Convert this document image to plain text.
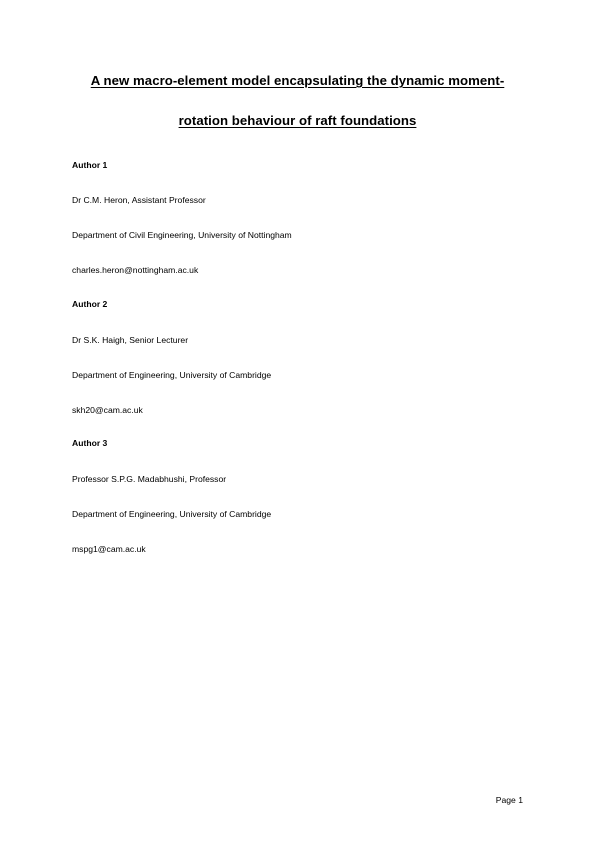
A new macro-element model encapsulating the dynamic moment-
rotation behaviour of raft foundations
Author 1
Dr C.M. Heron, Assistant Professor
Department of Civil Engineering, University of Nottingham
charles.heron@nottingham.ac.uk
Author 2
Dr S.K. Haigh, Senior Lecturer
Department of Engineering, University of Cambridge
skh20@cam.ac.uk
Author 3
Professor S.P.G. Madabhushi, Professor
Department of Engineering, University of Cambridge
mspg1@cam.ac.uk
Page 1
